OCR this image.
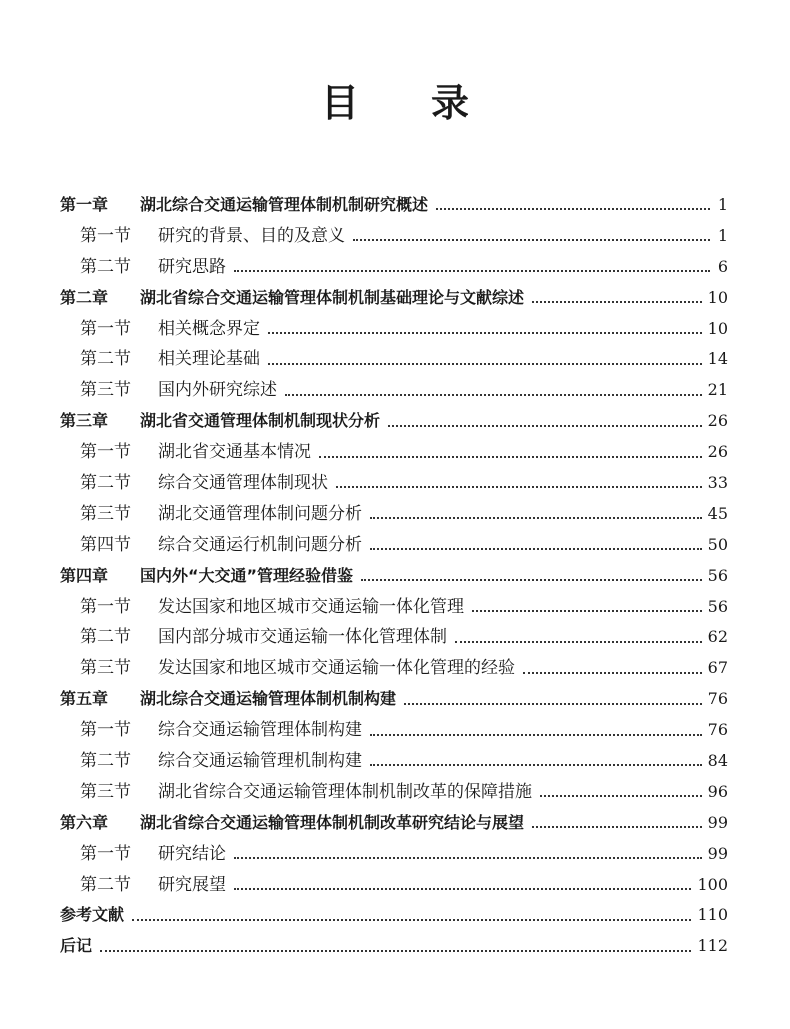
目 录
第一章	湖北综合交通运输管理体制机制研究概述	1
第一节	研究的背景、目的及意义	1
第二节	研究思路	6
第二章	湖北省综合交通运输管理体制机制基础理论与文献综述	10
第一节	相关概念界定	10
第二节	相关理论基础	14
第三节	国内外研究综述	21
第三章	湖北省交通管理体制机制现状分析	26
第一节	湖北省交通基本情况	26
第二节	综合交通管理体制现状	33
第三节	湖北交通管理体制问题分析	45
第四节	综合交通运行机制问题分析	50
第四章	国内外“大交通”管理经验借鉴	56
第一节	发达国家和地区城市交通运输一体化管理	56
第二节	国内部分城市交通运输一体化管理体制	62
第三节	发达国家和地区城市交通运输一体化管理的经验	67
第五章	湖北综合交通运输管理体制机制构建	76
第一节	综合交通运输管理体制构建	76
第二节	综合交通运输管理机制构建	84
第三节	湖北省综合交通运输管理体制机制改革的保障措施	96
第六章	湖北省综合交通运输管理体制机制改革研究结论与展望	99
第一节	研究结论	99
第二节	研究展望	100
参考文献	110
后记	112
